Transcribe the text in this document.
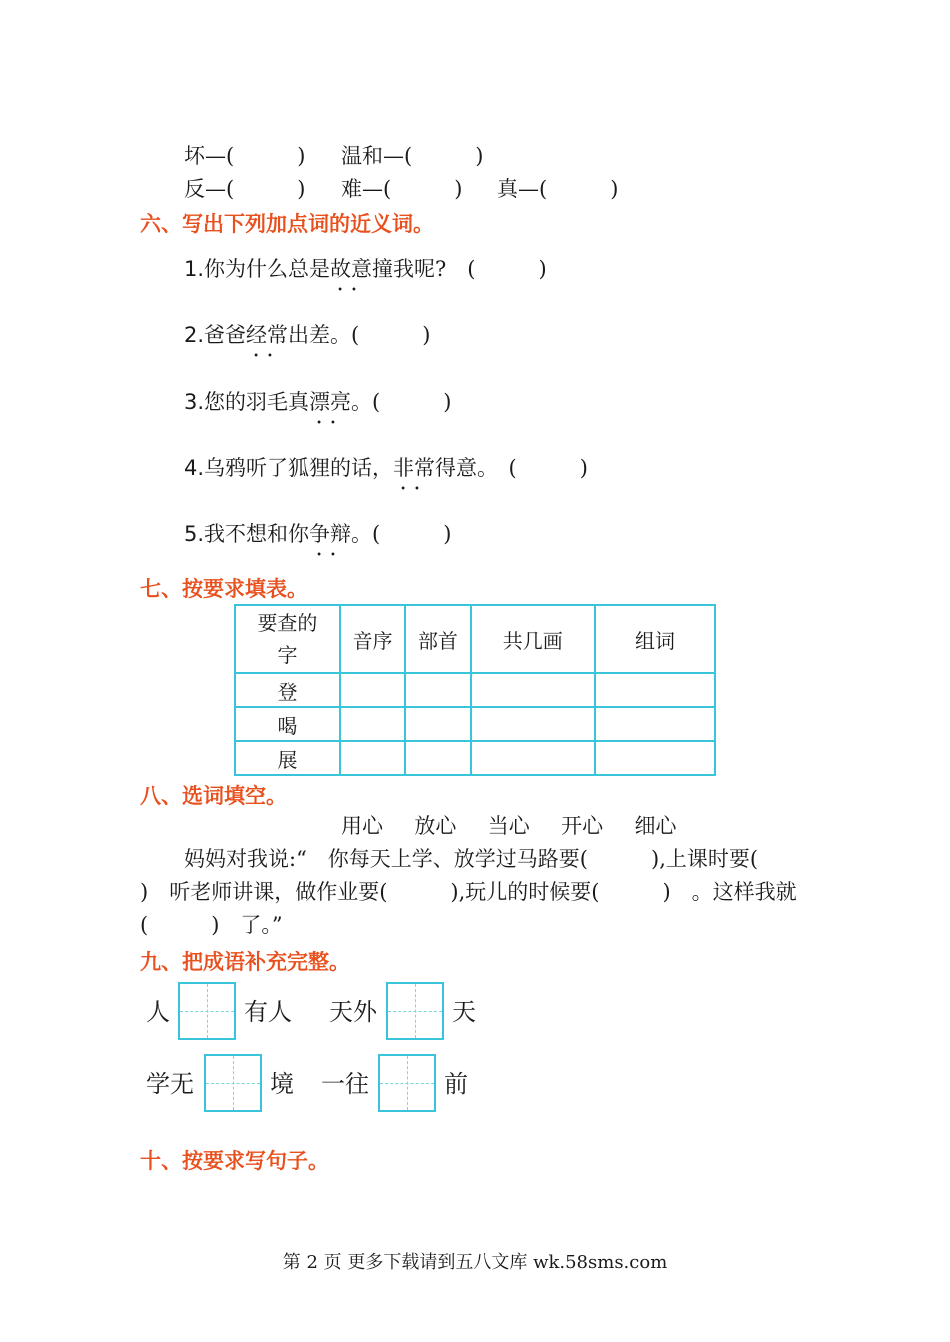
坏—(　　　) 温和—(　　　)
反—(　　　) 难—(　　　) 真—(　　　)
六、写出下列加点词的近义词。
1.你为什么总是故意 ••撞我呢?　(　　　)
2.爸爸经常 ••出差。(　　　)
3.您的羽毛真漂亮 ••。(　　　)
4.乌鸦听了狐狸的话，非常 ••得意。　(　　　)
5.我不想和你争辩 ••。(　　　)
七、按要求填表。
要查的
字	音序	部首	共几画	组词
登				
喝				
展				
八、选词填空。
用心 放心 当心 开心 细心
妈妈对我说:“　你每天上学、放学过马路要(　　　),上课时要(
)　听老师讲课，做作业要(　　　),玩儿的时候要(　　　)　。这样我就
(　　　)　了。”
九、把成语补充完整。
人	有人 天外	天
学无	境 一往	前
十、按要求写句子。
第 2 页 更多下载请到五八文库 wk.58sms.com
